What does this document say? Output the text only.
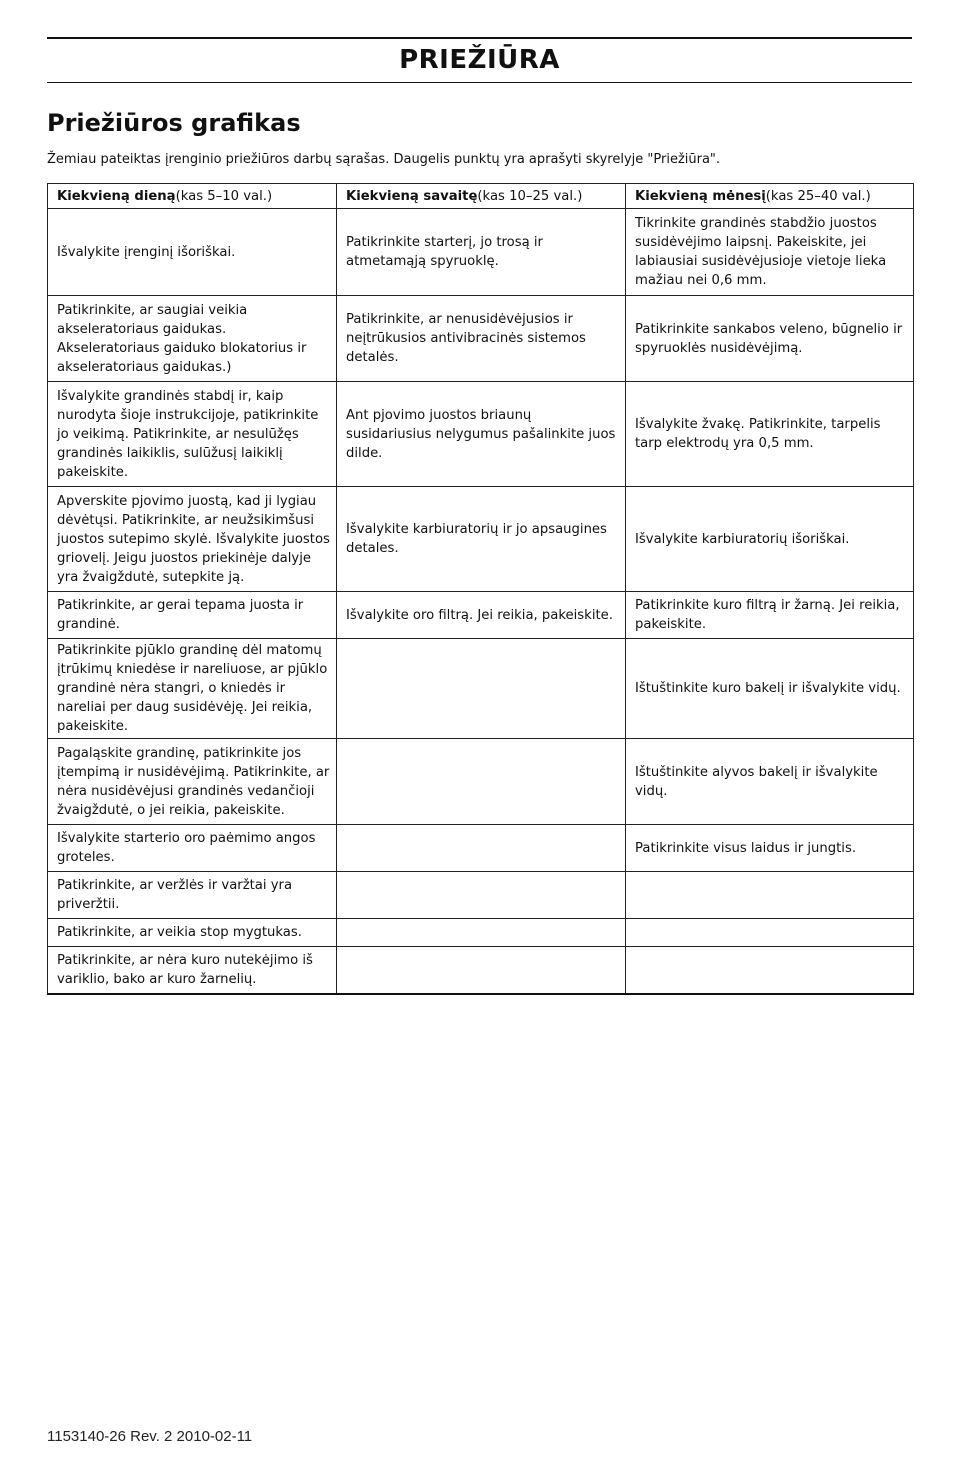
PRIEŽIŪRA
Priežiūros grafikas
Žemiau pateiktas įrenginio priežiūros darbų sąrašas. Daugelis punktų yra aprašyti skyrelyje "Priežiūra".
Kiekvieną dieną(kas 5–10 val.)	Kiekvieną savaitę(kas 10–25 val.)	Kiekvieną mėnesį(kas 25–40 val.)
Išvalykite įrenginį išoriškai.	Patikrinkite starterį, jo trosą ir atmetamąją spyruoklę.	Tikrinkite grandinės stabdžio juostos susidėvėjimo laipsnį. Pakeiskite, jei labiausiai susidėvėjusioje vietoje lieka mažiau nei 0,6 mm.
Patikrinkite, ar saugiai veikia akseleratoriaus gaidukas. Akseleratoriaus gaiduko blokatorius ir akseleratoriaus gaidukas.)	Patikrinkite, ar nenusidėvėjusios ir neįtrūkusios antivibracinės sistemos detalės.	Patikrinkite sankabos veleno, būgnelio ir spyruoklės nusidėvėjimą.
Išvalykite grandinės stabdį ir, kaip nurodyta šioje instrukcijoje, patikrinkite jo veikimą. Patikrinkite, ar nesulūžęs grandinės laikiklis, sulūžusį laikiklį pakeiskite.	Ant pjovimo juostos briaunų susidariusius nelygumus pašalinkite juos dilde.	Išvalykite žvakę. Patikrinkite, tarpelis tarp elektrodų yra 0,5 mm.
Apverskite pjovimo juostą, kad ji lygiau dėvėtųsi. Patikrinkite, ar neužsikimšusi juostos sutepimo skylė. Išvalykite juostos griovelį. Jeigu juostos priekinėje dalyje yra žvaigždutė, sutepkite ją.	Išvalykite karbiuratorių ir jo apsaugines detales.	Išvalykite karbiuratorių išoriškai.
Patikrinkite, ar gerai tepama juosta ir grandinė.	Išvalykite oro filtrą. Jei reikia, pakeiskite.	Patikrinkite kuro filtrą ir žarną. Jei reikia, pakeiskite.
Patikrinkite pjūklo grandinę dėl matomų įtrūkimų kniedėse ir nareliuose, ar pjūklo grandinė nėra stangri, o kniedės ir nareliai per daug susidėvėję. Jei reikia, pakeiskite.		Ištuštinkite kuro bakelį ir išvalykite vidų.
Pagaląskite grandinę, patikrinkite jos įtempimą ir nusidėvėjimą. Patikrinkite, ar nėra nusidėvėjusi grandinės vedančioji žvaigždutė, o jei reikia, pakeiskite.		Ištuštinkite alyvos bakelį ir išvalykite vidų.
Išvalykite starterio oro paėmimo angos groteles.		Patikrinkite visus laidus ir jungtis.
Patikrinkite, ar veržlės ir varžtai yra priveržtii.		
Patikrinkite, ar veikia stop mygtukas.		
Patikrinkite, ar nėra kuro nutekėjimo iš variklio, bako ar kuro žarnelių.		
1153140-26 Rev. 2 2010-02-11
